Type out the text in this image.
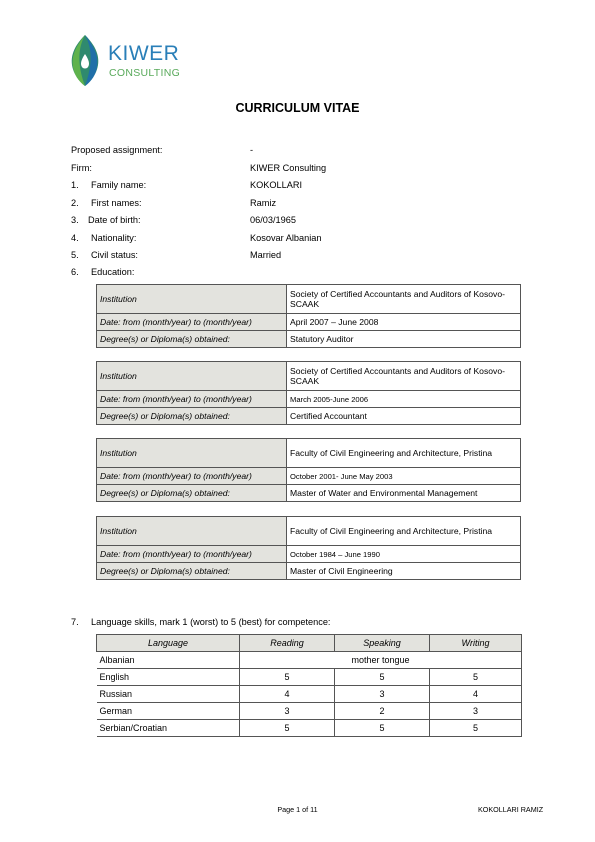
KIWER
CONSULTING
CURRICULUM VITAE
Proposed assignment:	-
Firm:	KIWER Consulting
1. Family name:	KOKOLLARI
2. First names:	Ramiz
3. Date of birth:	06/03/1965
4. Nationality:	Kosovar Albanian
5. Civil status:	Married
6. Education:
Institution	Society of Certified Accountants and Auditors of Kosovo-SCAAK
Date: from (month/year) to (month/year)	April 2007 – June 2008
Degree(s) or Diploma(s) obtained:	Statutory Auditor
Institution	Society of Certified Accountants and Auditors of Kosovo-SCAAK
Date: from (month/year) to (month/year)	March 2005-June 2006
Degree(s) or Diploma(s) obtained:	Certified Accountant
Institution	Faculty of Civil Engineering and Architecture, Pristina
Date: from (month/year) to (month/year)	October 2001- June May 2003
Degree(s) or Diploma(s) obtained:	Master of Water and Environmental Management
Institution	Faculty of Civil Engineering and Architecture, Pristina
Date: from (month/year) to (month/year)	October 1984 – June 1990
Degree(s) or Diploma(s) obtained:	Master of Civil Engineering
7. Language skills, mark 1 (worst) to 5 (best) for competence:
Language	Reading	Speaking	Writing
Albanian	mother tongue		
English	5	5	5
Russian	4	3	4
German	3	2	3
Serbian/Croatian	5	5	5
Page 1 of 11	KOKOLLARI RAMIZ
